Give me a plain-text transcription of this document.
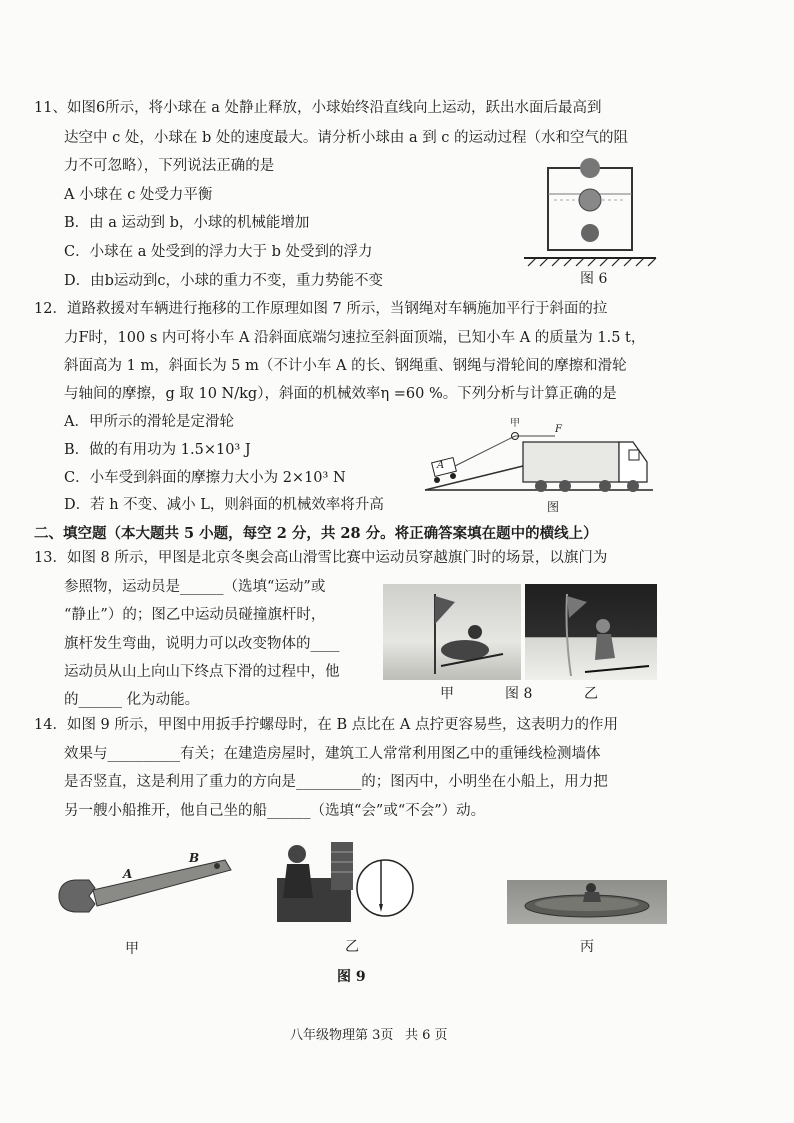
11、如图6所示，将小球在 a 处静止释放，小球始终沿直线向上运动，跃出水面后最高到
达空中 c 处，小球在 b 处的速度最大。请分析小球由 a 到 c 的运动过程（水和空气的阻
力不可忽略），下列说法正确的是
A 小球在 c 处受力平衡
B．由 a 运动到 b，小球的机械能增加
C．小球在 a 处受到的浮力大于 b 处受到的浮力
D．由b运动到c，小球的重力不变，重力势能不变	图 6
12．道路救援对车辆进行拖移的工作原理如图 7 所示，当钢绳对车辆施加平行于斜面的拉
力F时，100 s 内可将小车 A 沿斜面底端匀速拉至斜面顶端，已知小车 A 的质量为 1.5 t，
斜面高为 1 m，斜面长为 5 m（不计小车 A 的长、钢绳重、钢绳与滑轮间的摩擦和滑轮
与轴间的摩擦，g 取 10 N/kg），斜面的机械效率η =60 %。下列分析与计算正确的是
A．甲所示的滑轮是定滑轮
B．做的有用功为 1.5×10³ J
C．小车受到斜面的摩擦力大小为 2×10³ N
D．若 h 不变、减小 L，则斜面的机械效率将升高
甲
F
A
图
二、填空题（本大题共 5 小题，每空 2 分，共 28 分。将正确答案填在题中的横线上）
13．如图 8 所示，甲图是北京冬奥会高山滑雪比赛中运动员穿越旗门时的场景，以旗门为
参照物，运动员是______（选填“运动”或
“静止”）的；图乙中运动员碰撞旗杆时，
旗杆发生弯曲，说明力可以改变物体的____
运动员从山上向山下终点下滑的过程中，他
的______ 化为动能。	甲	图 8	乙
14．如图 9 所示，甲图中用扳手拧螺母时，在 B 点比在 A 点拧更容易些，这表明力的作用
效果与__________有关；在建造房屋时，建筑工人常常利用图乙中的重锤线检测墙体
是否竖直，这是利用了重力的方向是_________的；图丙中，小明坐在小船上，用力把
另一艘小船推开，他自己坐的船______（选填“会”或“不会”）动。
A
B
甲	乙	丙
图 9
八年级物理第 3页 共 6 页
